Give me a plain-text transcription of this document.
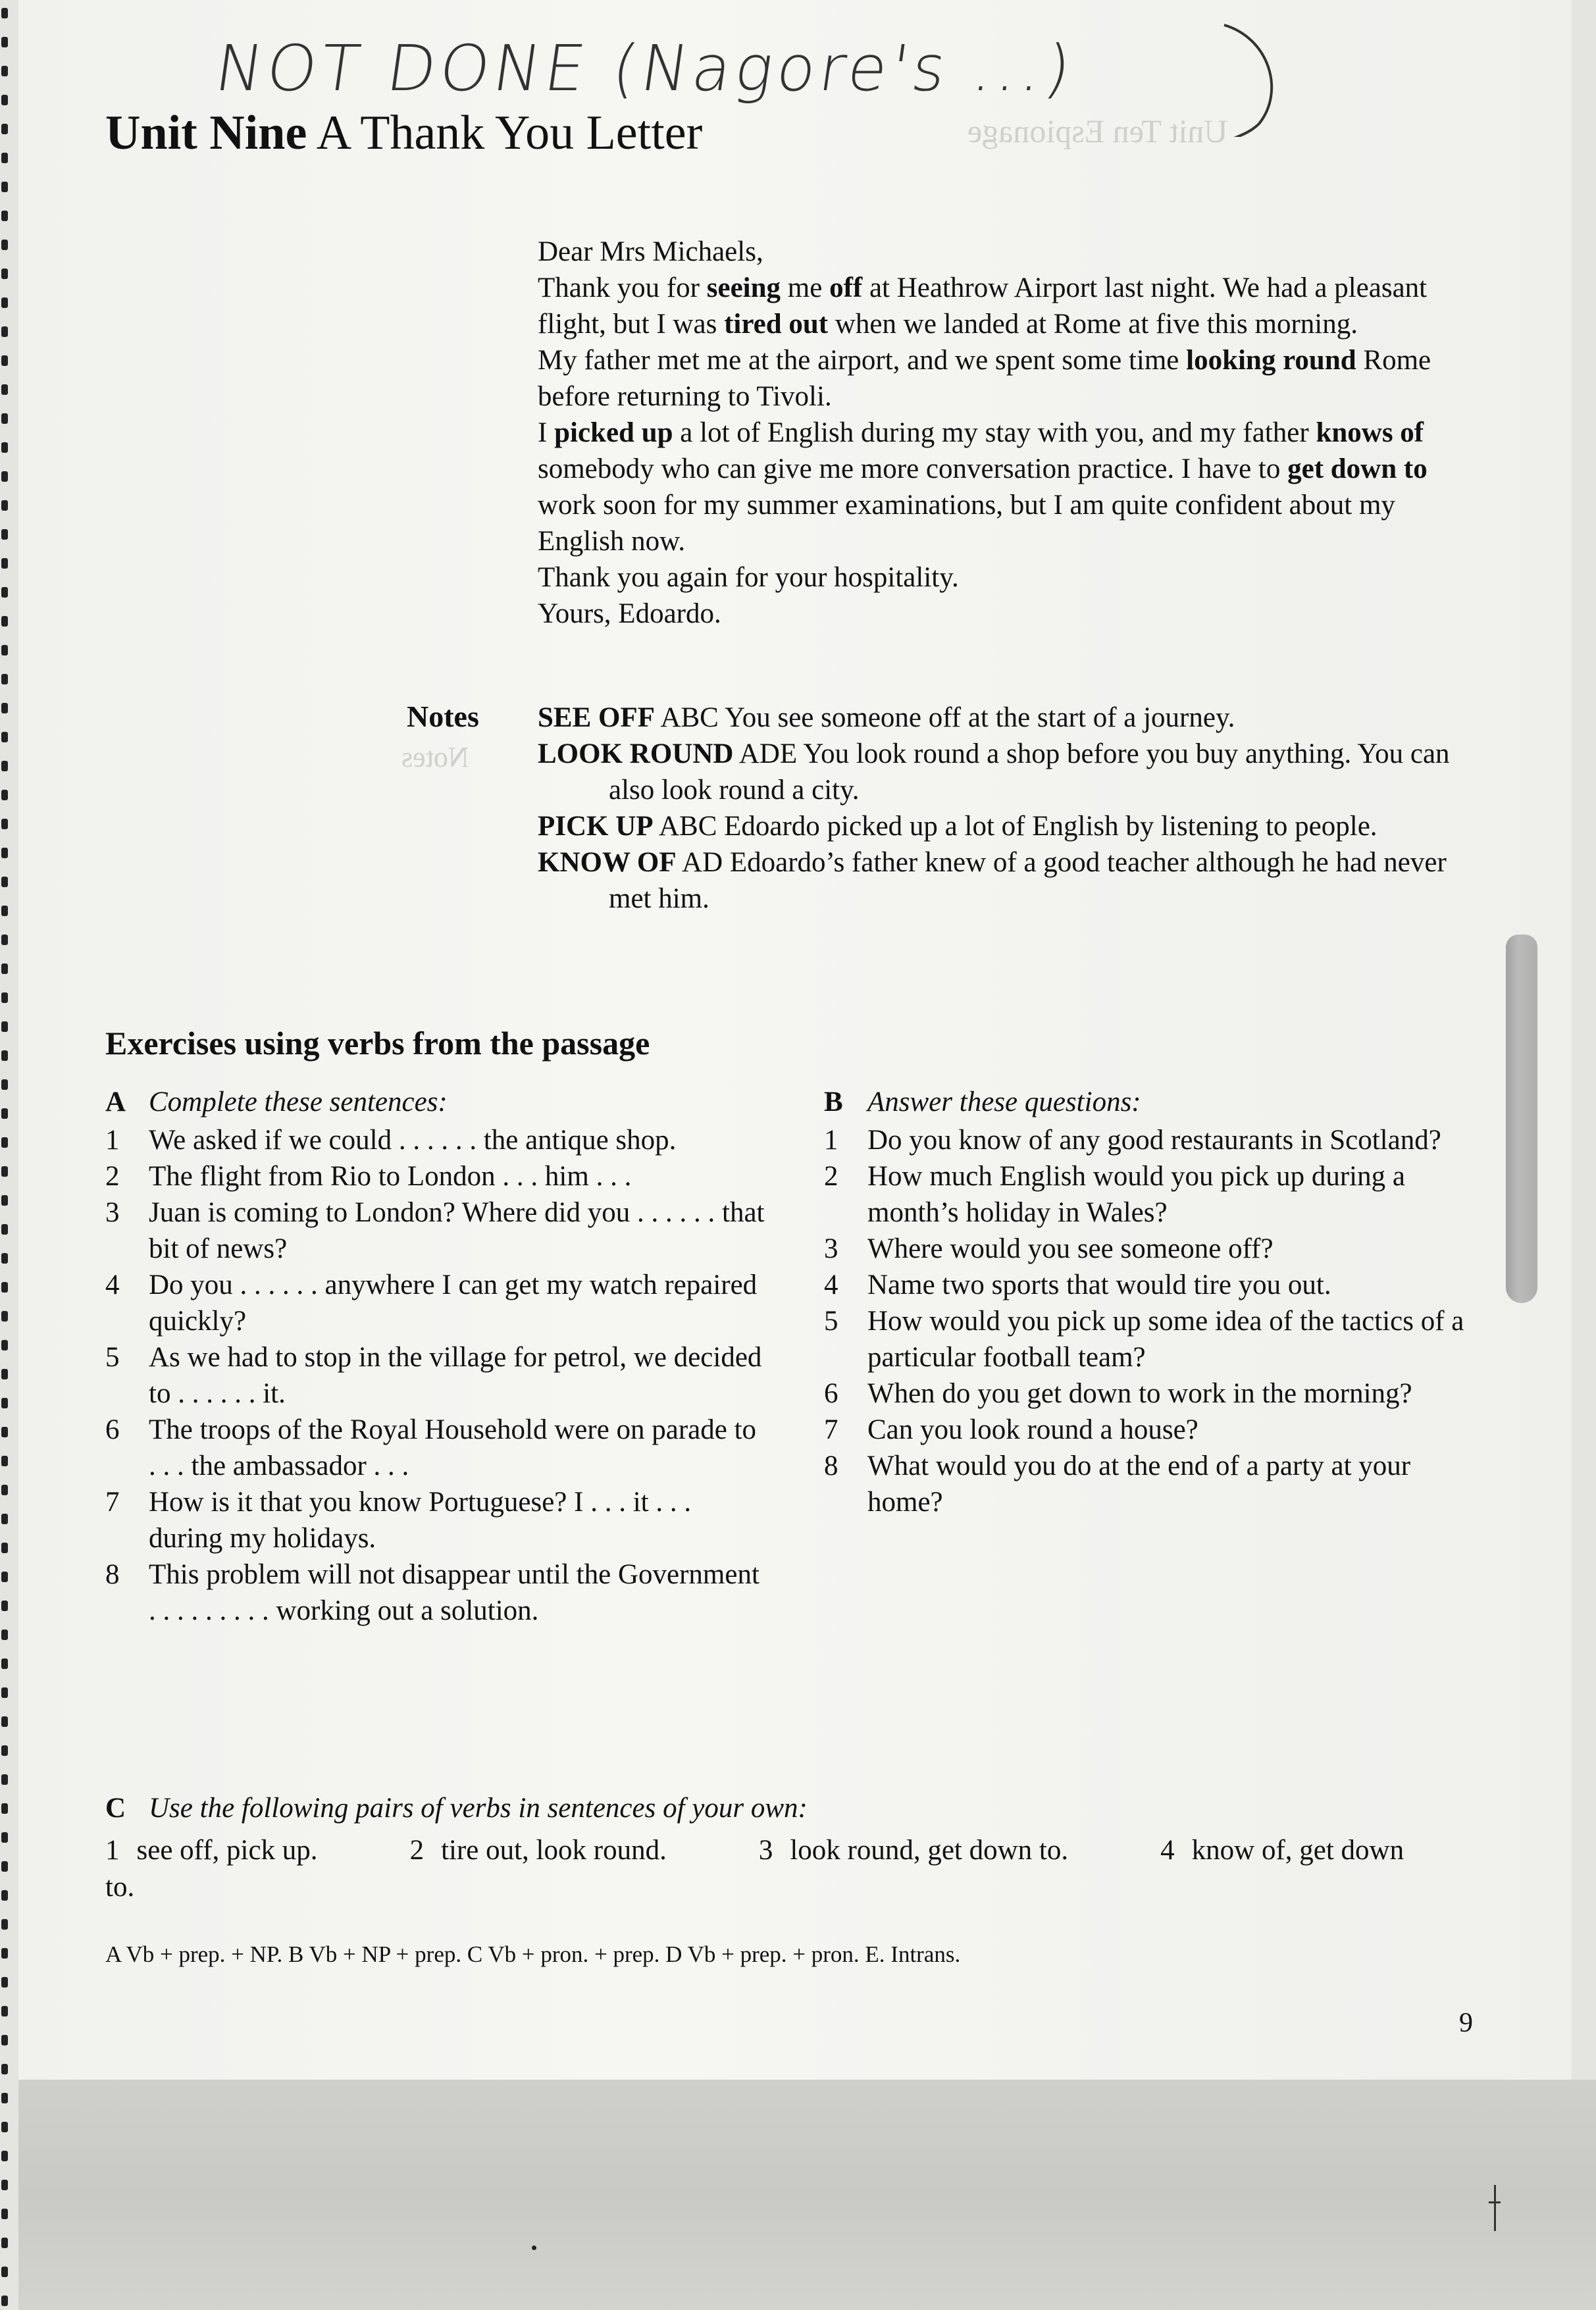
Unit Ten Espionage
Notes
NOT DONE (Nagore's ...)
Unit Nine A Thank You Letter

Dear Mrs Michaels,

Thank you for seeing me off at Heathrow Airport last night. We had a pleasant flight, but I was tired out when we landed at Rome at five this morning.

My father met me at the airport, and we spent some time looking round Rome before returning to Tivoli.

I picked up a lot of English during my stay with you, and my father knows of somebody who can give me more conversation practice. I have to get down to work soon for my summer examinations, but I am quite confident about my English now.

Thank you again for your hospitality.

Yours, Edoardo.

Notes SEE OFF ABC You see someone off at the start of a journey.
LOOK ROUND ADE You look round a shop before you buy anything. You can also look round a city.
PICK UP ABC Edoardo picked up a lot of English by listening to people.
KNOW OF AD Edoardo’s father knew of a good teacher although he had never met him.
Exercises using verbs from the passage
A Complete these sentences:
1	We asked if we could . . . . . . the antique shop.
2	The flight from Rio to London . . . him . . .
3	Juan is coming to London? Where did you . . . . . . that bit of news?
4	Do you . . . . . . anywhere I can get my watch repaired quickly?
5	As we had to stop in the village for petrol, we decided to . . . . . . it.
6	The troops of the Royal Household were on parade to . . . the ambassador . . .
7	How is it that you know Portuguese? I . . . it . . . during my holidays.
8	This problem will not disappear until the Government . . . . . . . . . working out a solution.
B Answer these questions:
1	Do you know of any good restaurants in Scotland?
2	How much English would you pick up during a month’s holiday in Wales?
3	Where would you see someone off?
4	Name two sports that would tire you out.
5	How would you pick up some idea of the tactics of a particular football team?
6	When do you get down to work in the morning?
7	Can you look round a house?
8	What would you do at the end of a party at your home?
C Use the following pairs of verbs in sentences of your own:
1 see off, pick up.	2 tire out, look round.	3 look round, get down to.	4 know of, get down to.
A Vb + prep. + NP. B Vb + NP + prep. C Vb + pron. + prep. D Vb + prep. + pron. E. Intrans.
9
